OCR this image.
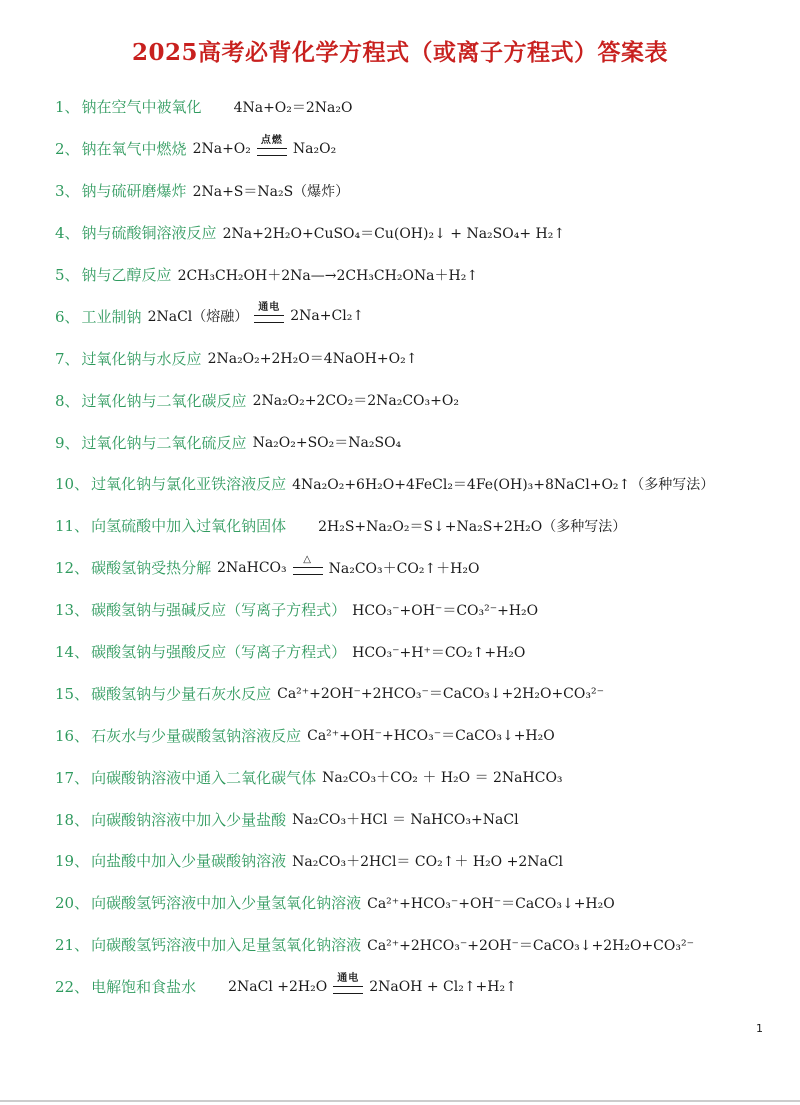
2025高考必背化学方程式（或离子方程式）答案表
1、 钠在空气中被氧化 4Na+O₂＝2Na₂O
2、 钠在氧气中燃烧 2Na+O₂
点燃
Na₂O₂
3、 钠与硫研磨爆炸 2Na+S＝Na₂S（爆炸）
4、 钠与硫酸铜溶液反应 2Na+2H₂O+CuSO₄＝Cu(OH)₂↓ + Na₂SO₄+ H₂↑
5、 钠与乙醇反应 2CH₃CH₂OH＋2Na—→2CH₃CH₂ONa＋H₂↑
6、 工业制钠 2NaCl（熔融）
通电
2Na+Cl₂↑
7、 过氧化钠与水反应 2Na₂O₂+2H₂O＝4NaOH+O₂↑
8、 过氧化钠与二氧化碳反应 2Na₂O₂+2CO₂＝2Na₂CO₃+O₂
9、 过氧化钠与二氧化硫反应 Na₂O₂+SO₂＝Na₂SO₄
10、 过氧化钠与氯化亚铁溶液反应 4Na₂O₂+6H₂O+4FeCl₂＝4Fe(OH)₃+8NaCl+O₂↑（多种写法）
11、 向氢硫酸中加入过氧化钠固体 2H₂S+Na₂O₂＝S↓+Na₂S+2H₂O（多种写法）
12、 碳酸氢钠受热分解 2NaHCO₃
△
Na₂CO₃＋CO₂↑＋H₂O
13、 碳酸氢钠与强碱反应（写离子方程式） HCO₃⁻+OH⁻＝CO₃²⁻+H₂O
14、 碳酸氢钠与强酸反应（写离子方程式） HCO₃⁻+H⁺＝CO₂↑+H₂O
15、 碳酸氢钠与少量石灰水反应 Ca²⁺+2OH⁻+2HCO₃⁻＝CaCO₃↓+2H₂O+CO₃²⁻
16、 石灰水与少量碳酸氢钠溶液反应 Ca²⁺+OH⁻+HCO₃⁻＝CaCO₃↓+H₂O
17、 向碳酸钠溶液中通入二氧化碳气体 Na₂CO₃＋CO₂ ＋ H₂O ＝ 2NaHCO₃
18、 向碳酸钠溶液中加入少量盐酸 Na₂CO₃＋HCl ＝ NaHCO₃+NaCl
19、 向盐酸中加入少量碳酸钠溶液 Na₂CO₃＋2HCl＝ CO₂↑＋ H₂O +2NaCl
20、 向碳酸氢钙溶液中加入少量氢氧化钠溶液 Ca²⁺+HCO₃⁻+OH⁻＝CaCO₃↓+H₂O
21、 向碳酸氢钙溶液中加入足量氢氧化钠溶液 Ca²⁺+2HCO₃⁻+2OH⁻＝CaCO₃↓+2H₂O+CO₃²⁻
22、 电解饱和食盐水 2NaCl +2H₂O
通电
2NaOH + Cl₂↑+H₂↑
1
